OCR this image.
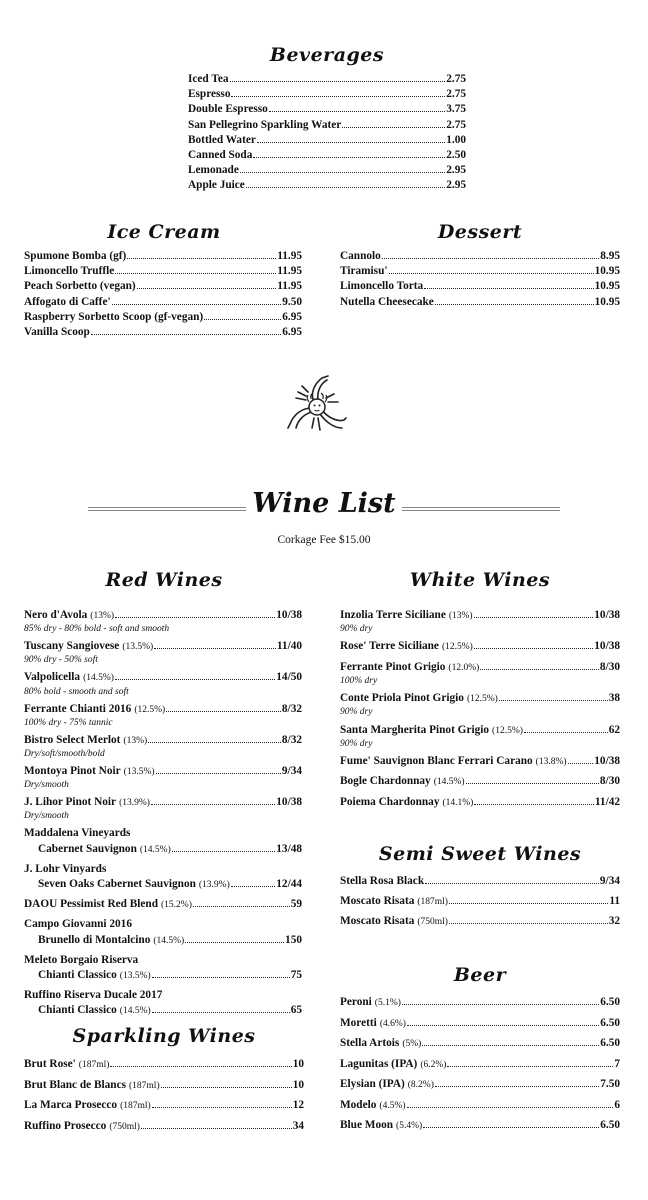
Beverages
Ice Cream	Dessert
Red Wines	White Wines
Semi Sweet Wines
Beer
Sparkling Wines
Iced Tea	2.75
Espresso	2.75
Double Espresso	3.75
San Pellegrino Sparkling Water	2.75
Bottled Water	1.00
Canned Soda	2.50
Lemonade	2.95
Apple Juice	2.95
Spumone Bomba (gf)	11.95
Limoncello Truffle	11.95
Peach Sorbetto (vegan)	11.95
Affogato di Caffe'	9.50
Raspberry Sorbetto Scoop (gf-vegan)	6.95
Vanilla Scoop	6.95
Cannolo	8.95
Tiramisu'	10.95
Limoncello Torta	10.95
Nutella Cheesecake	10.95
Nero d'Avola (13%)	10/38
85% dry - 80% bold - soft and smooth
Tuscany Sangiovese (13.5%)	11/40
90% dry - 50% soft
Valpolicella (14.5%)	14/50
80% bold - smooth and soft
Ferrante Chianti 2016 (12.5%)	8/32
100% dry - 75% tannic
Bistro Select Merlot (13%)	8/32
Dry/soft/smooth/bold
Montoya Pinot Noir (13.5%)	9/34
Dry/smooth
J. Lihor Pinot Noir (13.9%)	10/38
Dry/smooth
Maddalena Vineyards
Cabernet Sauvignon (14.5%)	13/48
J. Lohr Vinyards
Seven Oaks Cabernet Sauvignon (13.9%)	12/44
DAOU Pessimist Red Blend (15.2%)	59
Campo Giovanni 2016
Brunello di Montalcino (14.5%)	150
Meleto Borgaio Riserva
Chianti Classico (13.5%)	75
Ruffino Riserva Ducale 2017
Chianti Classico (14.5%)	65
Inzolia Terre Siciliane (13%)	10/38
90% dry
Rose' Terre Siciliane (12.5%)	10/38
Ferrante Pinot Grigio (12.0%)	8/30
100% dry
Conte Priola Pinot Grigio (12.5%)	38
90% dry
Santa Margherita Pinot Grigio (12.5%)	62
90% dry
Fume' Sauvignon Blanc Ferrari Carano (13.8%) 10/38
Bogle Chardonnay (14.5%)	8/30
Poiema Chardonnay (14.1%)	11/42
Stella Rosa Black	9/34
Moscato Risata (187ml)	11
Moscato Risata (750ml)	32
Peroni (5.1%)	6.50
Moretti (4.6%)	6.50
Stella Artois (5%)	6.50
Lagunitas (IPA) (6.2%)	7
Elysian (IPA) (8.2%)	7.50
Modelo (4.5%)	6
Blue Moon (5.4%)	6.50
Brut Rose' (187ml)	10
Brut Blanc de Blancs (187ml)	10
La Marca Prosecco (187ml)	12
Ruffino Prosecco (750ml)	34
Wine List
Corkage Fee $15.00
